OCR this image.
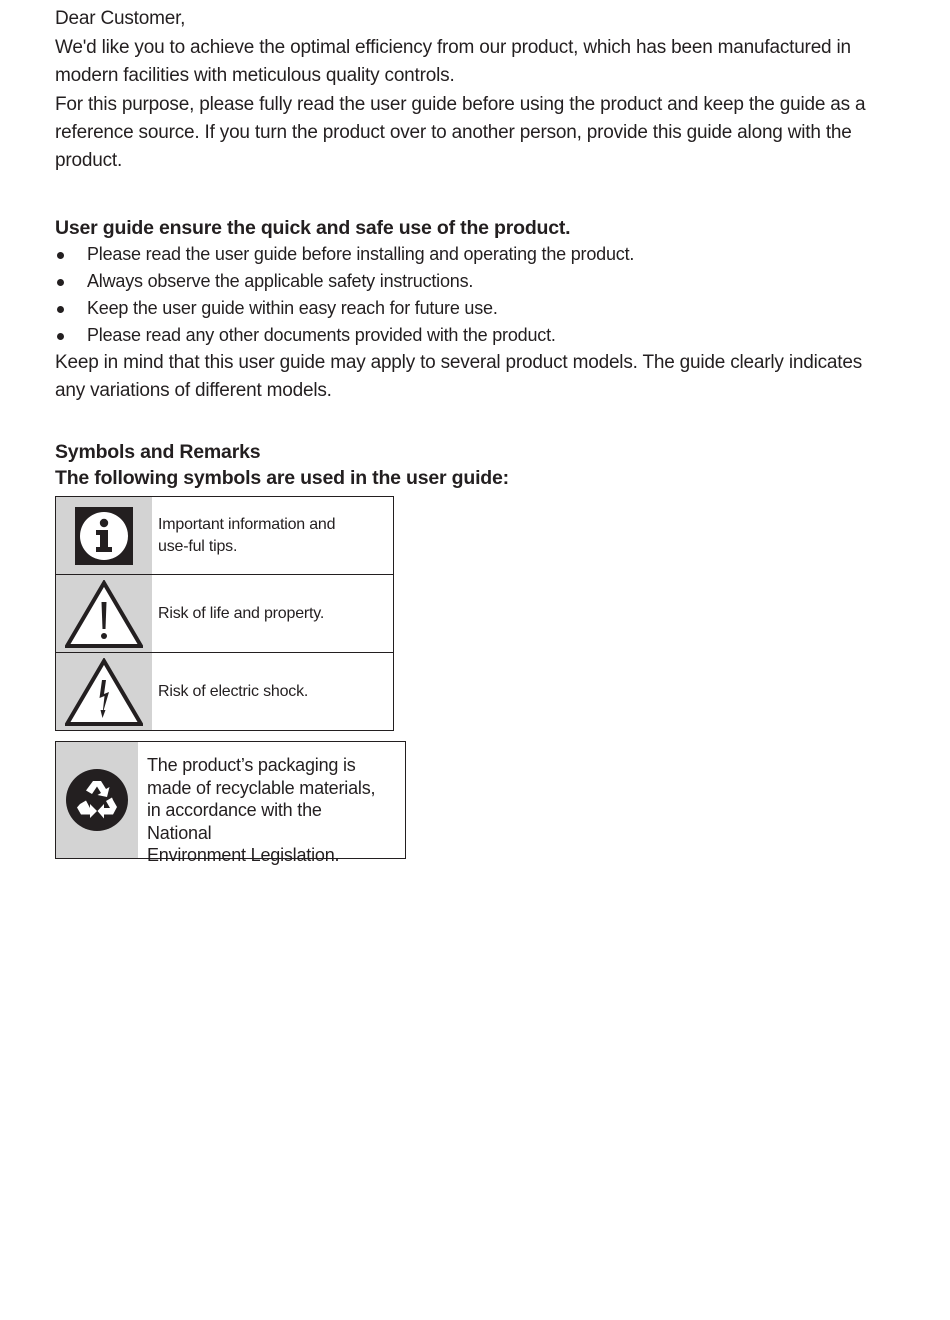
Dear Customer,

We'd like you to achieve the optimal efficiency from our product, which has been manufactured in modern facilities with meticulous quality controls.

For this purpose, please fully read the user guide before using the product and keep the guide as a reference source. If you turn the product over to another person, provide this guide along with the product.

User guide ensure the quick and safe use of the product.
Please read the user guide before installing and operating the product.
Always observe the applicable safety instructions.
Keep the user guide within easy reach for future use.
Please read any other documents provided with the product.

Keep in mind that this user guide may apply to several product models. The guide clearly indicates any variations of different models.

Symbols and Remarks
The following symbols are used in the user guide:
Important information and use-ful tips.
Risk of life and property.
Risk of electric shock.
The product’s packaging is
made of recyclable materials,
in accordance with the National
Environment Legislation.
